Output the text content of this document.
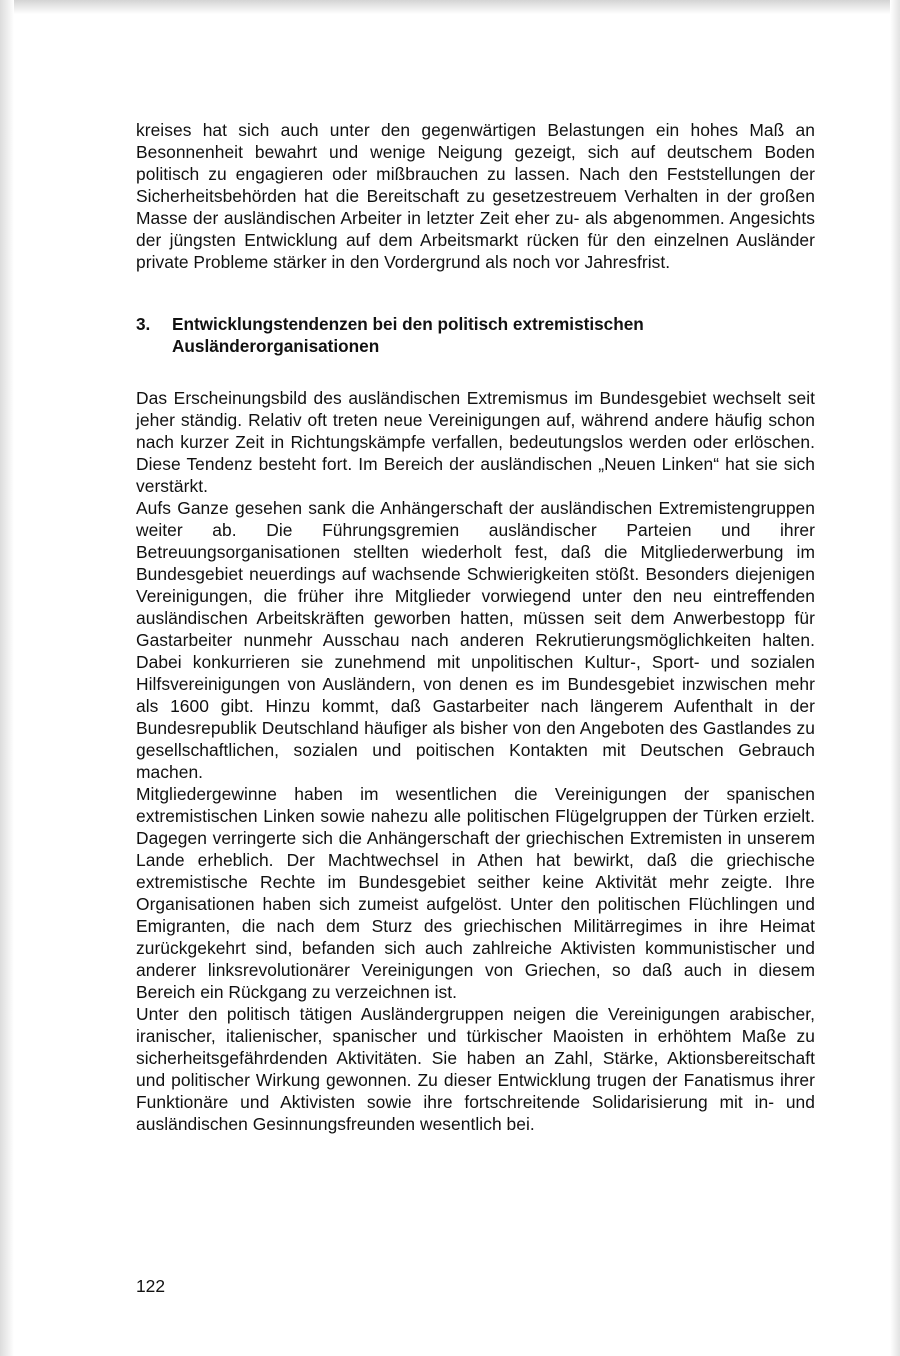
kreises hat sich auch unter den gegenwärtigen Belastungen ein hohes Maß an Besonnenheit bewahrt und wenige Neigung gezeigt, sich auf deutschem Boden politisch zu engagieren oder mißbrauchen zu lassen. Nach den Feststellungen der Sicherheitsbehörden hat die Bereitschaft zu gesetzestreuem Verhalten in der großen Masse der ausländischen Arbeiter in letzter Zeit eher zu- als abgenommen. Angesichts der jüngsten Entwicklung auf dem Arbeitsmarkt rücken für den einzelnen Ausländer private Probleme stärker in den Vordergrund als noch vor Jahresfrist.

3.	Entwicklungstendenzen bei den politisch extremistischen Ausländerorganisationen

Das Erscheinungsbild des ausländischen Extremismus im Bundesgebiet wechselt seit jeher ständig. Relativ oft treten neue Vereinigungen auf, während andere häufig schon nach kurzer Zeit in Richtungskämpfe verfallen, bedeutungslos werden oder erlöschen. Diese Tendenz besteht fort. Im Bereich der ausländischen „Neuen Linken“ hat sie sich verstärkt.

Aufs Ganze gesehen sank die Anhängerschaft der ausländischen Extremistengruppen weiter ab. Die Führungsgremien ausländischer Parteien und ihrer Betreuungsorganisationen stellten wiederholt fest, daß die Mitgliederwerbung im Bundesgebiet neuerdings auf wachsende Schwierigkeiten stößt. Besonders diejenigen Vereinigungen, die früher ihre Mitglieder vorwiegend unter den neu eintreffenden ausländischen Arbeitskräften geworben hatten, müssen seit dem Anwerbestopp für Gastarbeiter nunmehr Ausschau nach anderen Rekrutierungsmöglichkeiten halten. Dabei konkurrieren sie zunehmend mit unpolitischen Kultur-, Sport- und sozialen Hilfsvereinigungen von Ausländern, von denen es im Bundesgebiet inzwischen mehr als 1600 gibt. Hinzu kommt, daß Gastarbeiter nach längerem Aufenthalt in der Bundesrepublik Deutschland häufiger als bisher von den Angeboten des Gastlandes zu gesellschaftlichen, sozialen und poitischen Kontakten mit Deutschen Gebrauch machen.

Mitgliedergewinne haben im wesentlichen die Vereinigungen der spanischen extremistischen Linken sowie nahezu alle politischen Flügelgruppen der Türken erzielt. Dagegen verringerte sich die Anhängerschaft der griechischen Extremisten in unserem Lande erheblich. Der Machtwechsel in Athen hat bewirkt, daß die griechische extremistische Rechte im Bundesgebiet seither keine Aktivität mehr zeigte. Ihre Organisationen haben sich zumeist aufgelöst. Unter den politischen Flüchlingen und Emigranten, die nach dem Sturz des griechischen Militärregimes in ihre Heimat zurückgekehrt sind, befanden sich auch zahlreiche Aktivisten kommunistischer und anderer linksrevolutionärer Vereinigungen von Griechen, so daß auch in diesem Bereich ein Rückgang zu verzeichnen ist.

Unter den politisch tätigen Ausländergruppen neigen die Vereinigungen arabischer, iranischer, italienischer, spanischer und türkischer Maoisten in erhöhtem Maße zu sicherheitsgefährdenden Aktivitäten. Sie haben an Zahl, Stärke, Aktionsbereitschaft und politischer Wirkung gewonnen. Zu dieser Entwicklung trugen der Fanatismus ihrer Funktionäre und Aktivisten sowie ihre fortschreitende Solidarisierung mit in- und ausländischen Gesinnungsfreunden wesentlich bei.

122
